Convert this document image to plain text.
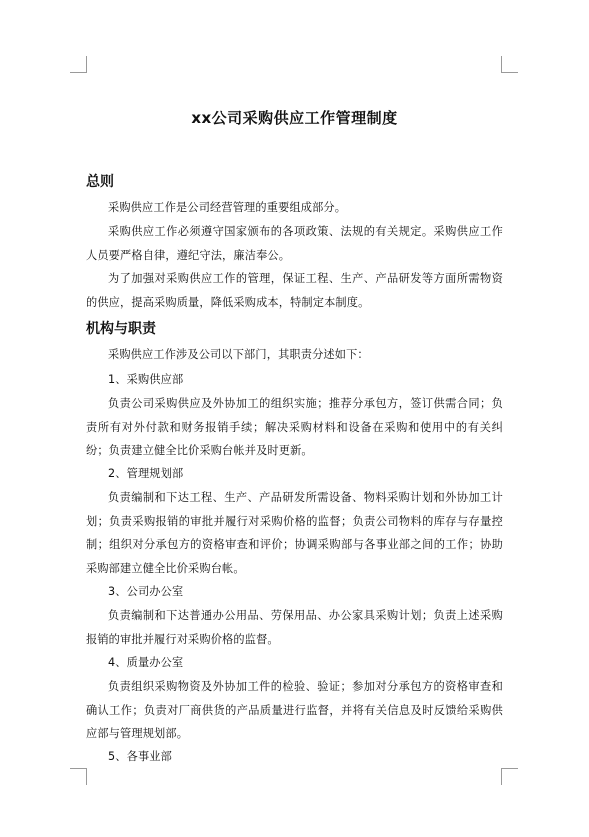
xx公司采购供应工作管理制度
总则
采购供应工作是公司经营管理的重要组成部分。
采购供应工作必须遵守国家颁布的各项政策、法规的有关规定。采购供应工作人员要严格自律，遵纪守法，廉洁奉公。
为了加强对采购供应工作的管理，保证工程、生产、产品研发等方面所需物资的供应，提高采购质量，降低采购成本，特制定本制度。
机构与职责
采购供应工作涉及公司以下部门，其职责分述如下：
1、采购供应部
负责公司采购供应及外协加工的组织实施；推荐分承包方，签订供需合同；负责所有对外付款和财务报销手续；解决采购材料和设备在采购和使用中的有关纠纷；负责建立健全比价采购台帐并及时更新。
2、管理规划部
负责编制和下达工程、生产、产品研发所需设备、物料采购计划和外协加工计划；负责采购报销的审批并履行对采购价格的监督；负责公司物料的库存与存量控制；组织对分承包方的资格审查和评价；协调采购部与各事业部之间的工作；协助采购部建立健全比价采购台帐。
3、公司办公室
负责编制和下达普通办公用品、劳保用品、办公家具采购计划；负责上述采购报销的审批并履行对采购价格的监督。
4、质量办公室
负责组织采购物资及外协加工件的检验、验证；参加对分承包方的资格审查和确认工作；负责对厂商供货的产品质量进行监督，并将有关信息及时反馈给采购供应部与管理规划部。
5、各事业部
